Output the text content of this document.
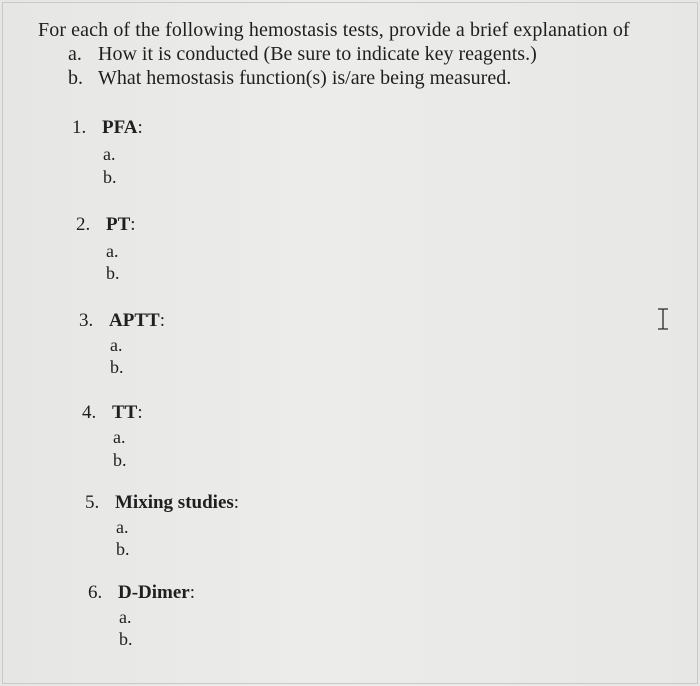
For each of the following hemostasis tests, provide a brief explanation of
a. How it is conducted (Be sure to indicate key reagents.)
b. What hemostasis function(s) is/are being measured.
1. PFA:
a.
b.
2. PT:
a.
b.
3. APTT:
a.
b.
4. TT:
a.
b.
5. Mixing studies:
a.
b.
6. D-Dimer:
a.
b.
